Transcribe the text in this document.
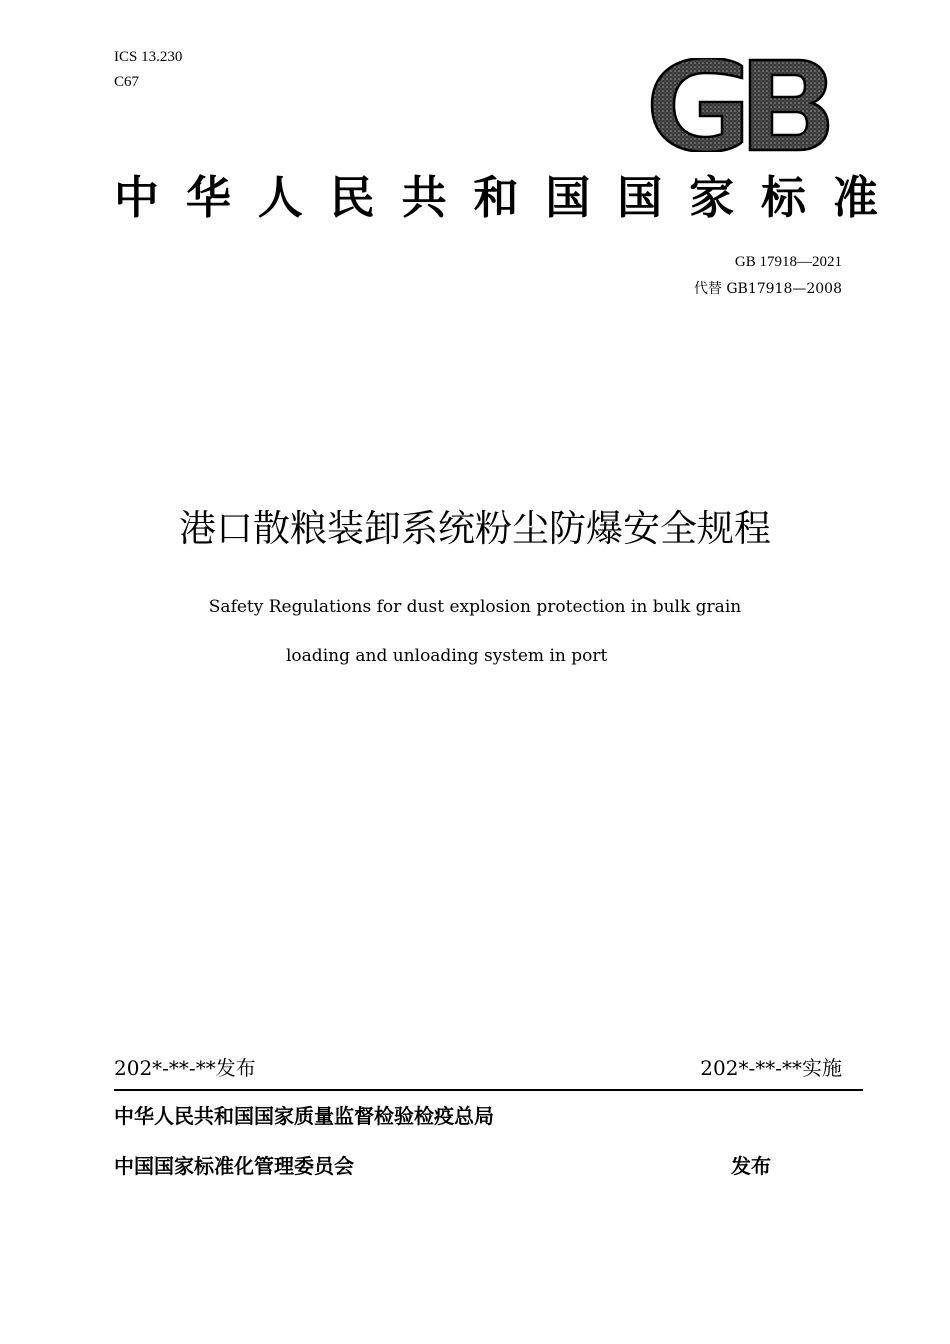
ICS 13.230
C67
GB
中 华 人 民 共 和 国 国 家 标 准
GB 17918—2021
代替 GB17918—2008
港口散粮装卸系统粉尘防爆安全规程
Safety Regulations for dust explosion protection in bulk grain
loading and unloading system in port
202*-**-**发布	202*-**-**实施
中华人民共和国国家质量监督检验检疫总局
中国国家标准化管理委员会	发布
